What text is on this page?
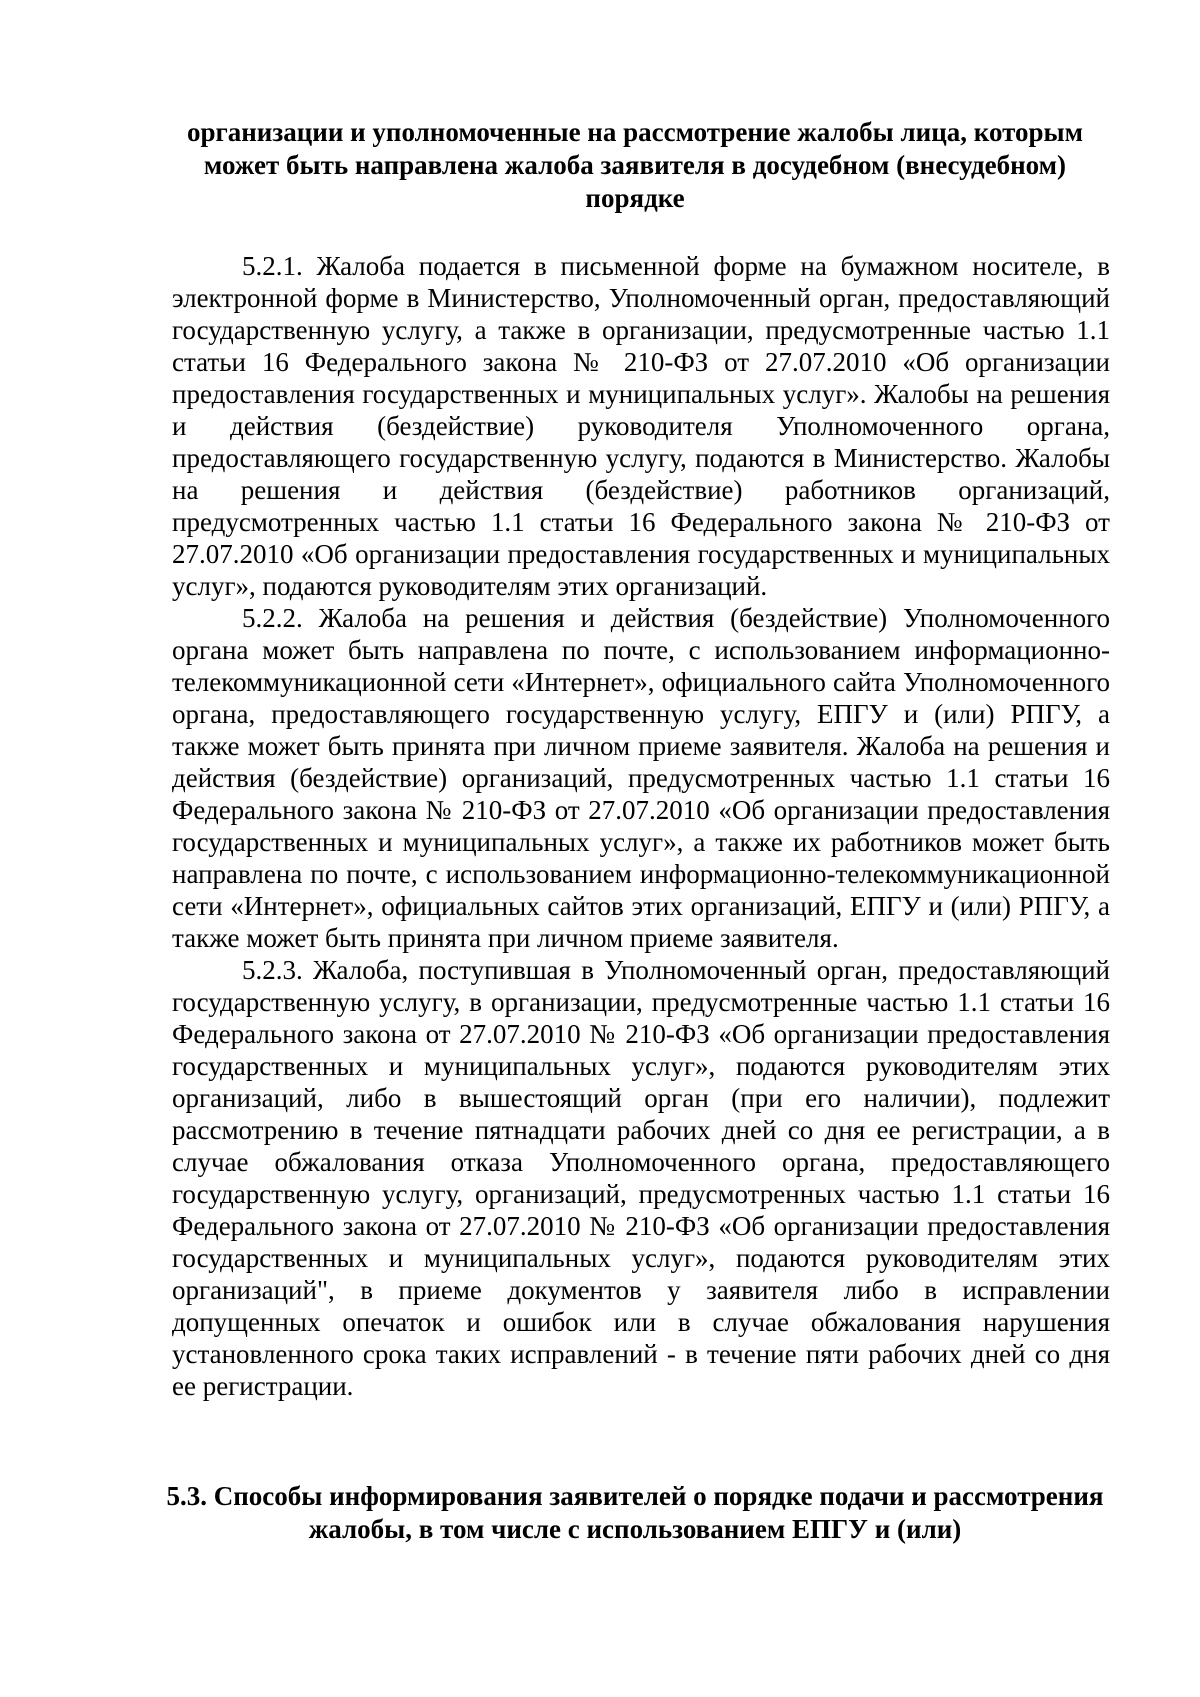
организации и уполномоченные на рассмотрение жалобы лица, которым может быть направлена жалоба заявителя в досудебном (внесудебном) порядке

5.2.1. Жалоба подается в письменной форме на бумажном носителе, в электронной форме в Министерство, Уполномоченный орган, предоставляющий государственную услугу, а также в организации, предусмотренные частью 1.1 статьи 16 Федерального закона № 210-ФЗ от 27.07.2010 «Об организации предоставления государственных и муниципальных услуг». Жалобы на решения и действия (бездействие) руководителя Уполномоченного органа, предоставляющего государственную услугу, подаются в Министерство. Жалобы на решения и действия (бездействие) работников организаций, предусмотренных частью 1.1 статьи 16 Федерального закона № 210-ФЗ от 27.07.2010 «Об организации предоставления государственных и муниципальных услуг», подаются руководителям этих организаций.

5.2.2. Жалоба на решения и действия (бездействие) Уполномоченного органа может быть направлена по почте, с использованием информационно-телекоммуникационной сети «Интернет», официального сайта Уполномоченного органа, предоставляющего государственную услугу, ЕПГУ и (или) РПГУ, а также может быть принята при личном приеме заявителя. Жалоба на решения и действия (бездействие) организаций, предусмотренных частью 1.1 статьи 16 Федерального закона № 210-ФЗ от 27.07.2010 «Об организации предоставления государственных и муниципальных услуг», а также их работников может быть направлена по почте, с использованием информационно-телекоммуникационной сети «Интернет», официальных сайтов этих организаций, ЕПГУ и (или) РПГУ, а также может быть принята при личном приеме заявителя.

5.2.3. Жалоба, поступившая в Уполномоченный орган, предоставляющий государственную услугу, в организации, предусмотренные частью 1.1 статьи 16 Федерального закона от 27.07.2010 № 210-ФЗ «Об организации предоставления государственных и муниципальных услуг», подаются руководителям этих организаций, либо в вышестоящий орган (при его наличии), подлежит рассмотрению в течение пятнадцати рабочих дней со дня ее регистрации, а в случае обжалования отказа Уполномоченного органа, предоставляющего государственную услугу, организаций, предусмотренных частью 1.1 статьи 16 Федерального закона от 27.07.2010 № 210-ФЗ «Об организации предоставления государственных и муниципальных услуг», подаются руководителям этих организаций", в приеме документов у заявителя либо в исправлении допущенных опечаток и ошибок или в случае обжалования нарушения установленного срока таких исправлений - в течение пяти рабочих дней со дня ее регистрации.

5.3. Способы информирования заявителей о порядке подачи и рассмотрения жалобы, в том числе с использованием ЕПГУ и (или)
